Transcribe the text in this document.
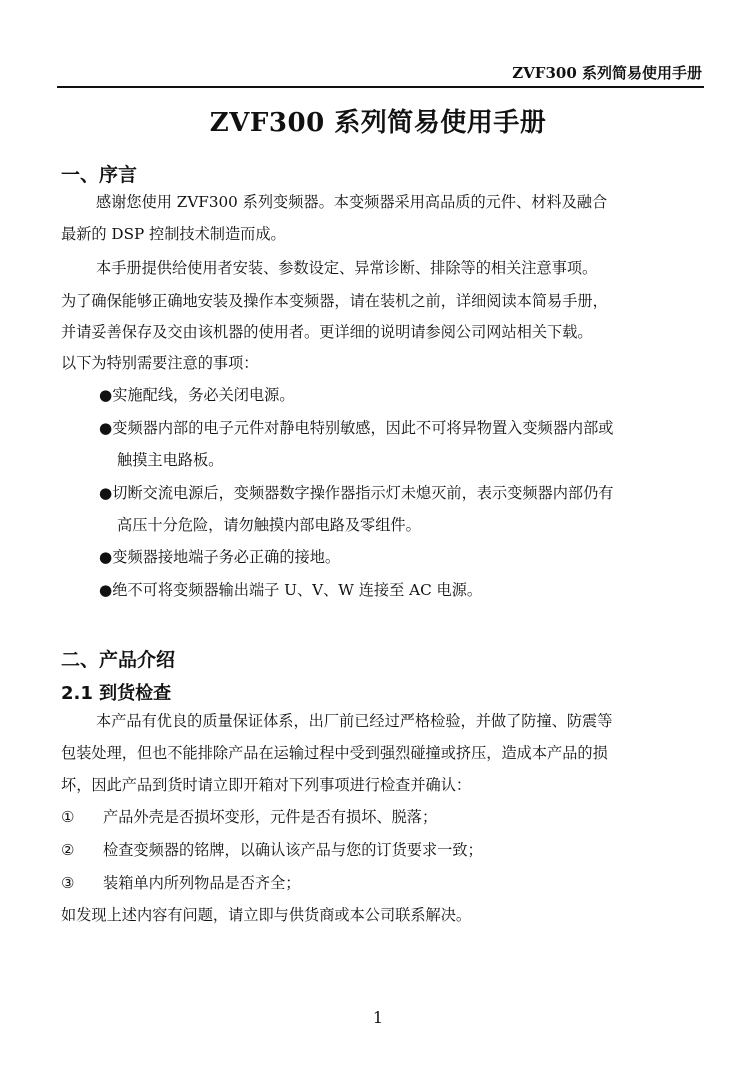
ZVF300 系列简易使用手册
ZVF300 系列简易使用手册
一、序言
感谢您使用 ZVF300 系列变频器。本变频器采用高品质的元件、材料及融合
最新的 DSP 控制技术制造而成。
本手册提供给使用者安装、参数设定、异常诊断、排除等的相关注意事项。
为了确保能够正确地安装及操作本变频器，请在装机之前，详细阅读本简易手册，
并请妥善保存及交由该机器的使用者。更详细的说明请参阅公司网站相关下载。
以下为特别需要注意的事项：
●实施配线，务必关闭电源。
●变频器内部的电子元件对静电特别敏感，因此不可将异物置入变频器内部或
触摸主电路板。
●切断交流电源后，变频器数字操作器指示灯未熄灭前，表示变频器内部仍有
高压十分危险，请勿触摸内部电路及零组件。
●变频器接地端子务必正确的接地。
●绝不可将变频器输出端子 U、V、W 连接至 AC 电源。
二、产品介绍
2.1 到货检查
本产品有优良的质量保证体系，出厂前已经过严格检验，并做了防撞、防震等
包装处理，但也不能排除产品在运输过程中受到强烈碰撞或挤压，造成本产品的损
坏，因此产品到货时请立即开箱对下列事项进行检查并确认：
①	产品外壳是否损坏变形，元件是否有损坏、脱落；
②	检查变频器的铭牌，以确认该产品与您的订货要求一致；
③	装箱单内所列物品是否齐全；
如发现上述内容有问题，请立即与供货商或本公司联系解决。
1
